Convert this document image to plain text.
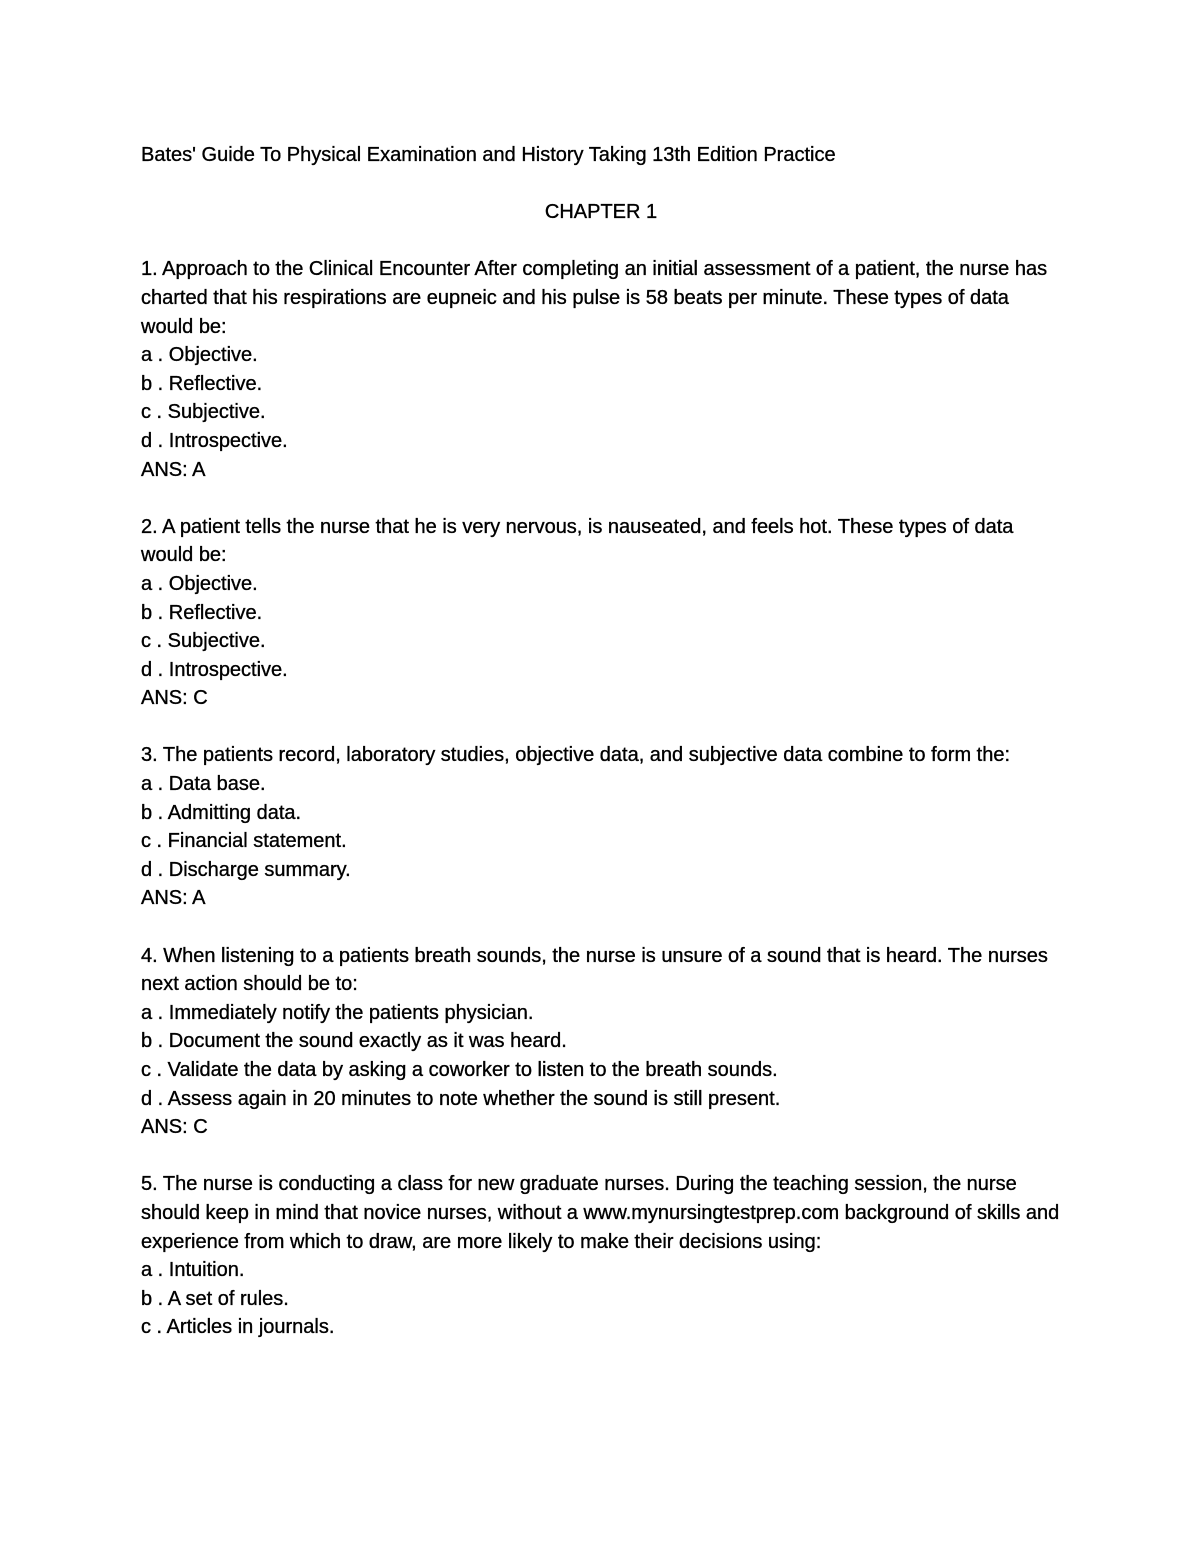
Bates' Guide To Physical Examination and History Taking 13th Edition Practice

CHAPTER 1

1. Approach to the Clinical Encounter After completing an initial assessment of a patient, the nurse has charted that his respirations are eupneic and his pulse is 58 beats per minute. These types of data would be:

a . Objective.

b . Reflective.

c . Subjective.

d . Introspective.

ANS: A

2. A patient tells the nurse that he is very nervous, is nauseated, and feels hot. These types of data would be:

a . Objective.

b . Reflective.

c . Subjective.

d . Introspective.

ANS: C

3. The patients record, laboratory studies, objective data, and subjective data combine to form the:

a . Data base.

b . Admitting data.

c . Financial statement.

d . Discharge summary.

ANS: A

4. When listening to a patients breath sounds, the nurse is unsure of a sound that is heard. The nurses next action should be to:

a . Immediately notify the patients physician.

b . Document the sound exactly as it was heard.

c . Validate the data by asking a coworker to listen to the breath sounds.

d . Assess again in 20 minutes to note whether the sound is still present.

ANS: C

5. The nurse is conducting a class for new graduate nurses. During the teaching session, the nurse should keep in mind that novice nurses, without a www.mynursingtestprep.com background of skills and experience from which to draw, are more likely to make their decisions using:

a . Intuition.

b . A set of rules.

c . Articles in journals.
